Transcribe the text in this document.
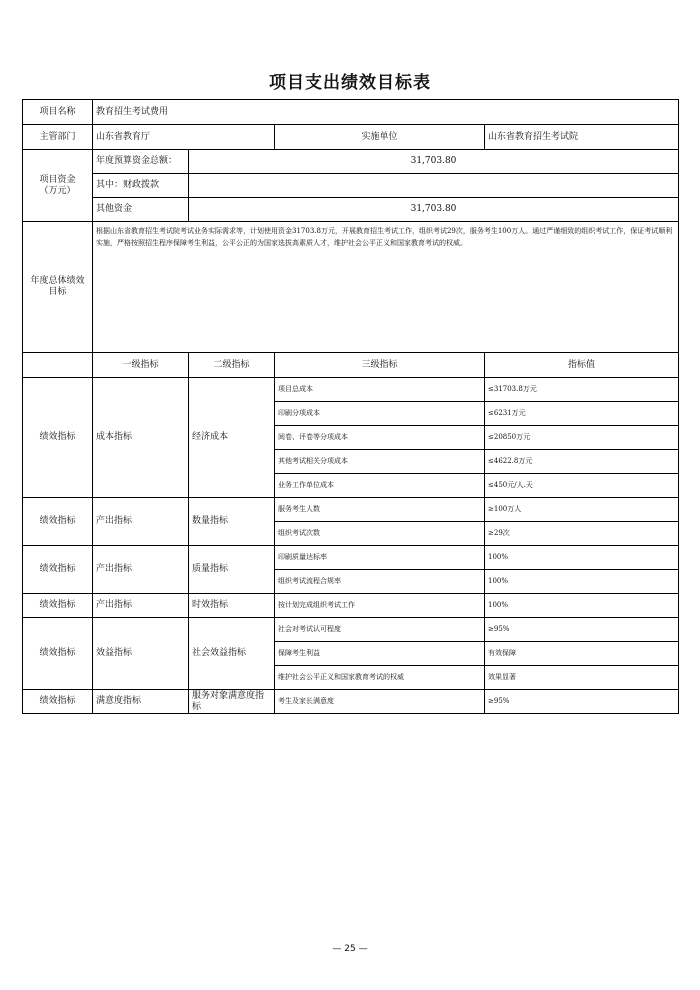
项目支出绩效目标表
项目名称	教育招生考试费用			
主管部门	山东省教育厅		实施单位	山东省教育招生考试院
项目资金
（万元）	年度预算资金总额：	31,703.80		
	其中：财政拨款			
	其他资金	31,703.80		
年度总体绩效目标	根据山东省教育招生考试院考试业务实际需求等，计划使用资金31703.8万元，开展教育招生考试工作，组织考试29次，服务考生100万人。通过严谨细致的组织考试工作，保证考试顺利实施，严格按照招生程序保障考生利益，公平公正的为国家选拔高素质人才，维护社会公平正义和国家教育考试的权威。			
	一级指标	二级指标	三级指标	指标值
绩效指标	成本指标	经济成本	项目总成本	≤31703.8万元
			印刷分项成本	≤6231万元
			阅卷、评卷等分项成本	≤20850万元
			其他考试相关分项成本	≤4622.8万元
			业务工作单位成本	≤450元/人.天
绩效指标	产出指标	数量指标	服务考生人数	≥100万人
			组织考试次数	≥29次
绩效指标	产出指标	质量指标	印刷质量达标率	100%
			组织考试流程合规率	100%
绩效指标	产出指标	时效指标	按计划完成组织考试工作	100%
绩效指标	效益指标	社会效益指标	社会对考试认可程度	≥95%
			保障考生利益	有效保障
			维护社会公平正义和国家教育考试的权威	效果显著
绩效指标	满意度指标	服务对象满意度指标	考生及家长满意度	≥95%
— 25 —
